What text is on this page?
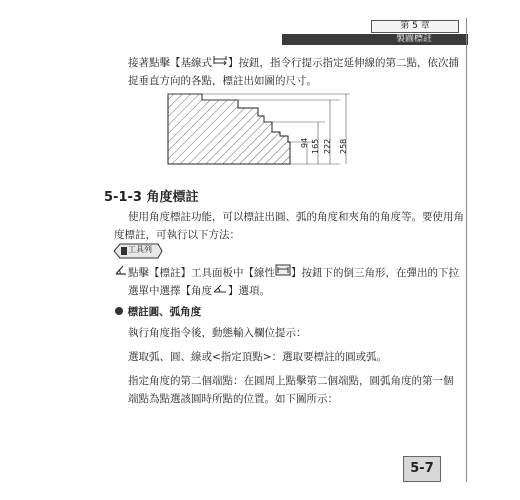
第 5 章
製圖標註
接著點擊【基線式 】按鈕，指令行提示指定延伸線的第二點，依次捕
捉垂直方向的各點，標註出如圖的尺寸。
94 165 222 258
5-1-3 角度標註
使用角度標註功能，可以標註出圓、弧的角度和夾角的角度等。要使用角
度標註，可執行以下方法：
工具列
點擊【標註】工具面板中【線性 】按鈕下的倒三角形，在彈出的下拉
選單中選擇【角度 】選項。
標註圓、弧角度
執行角度指令後，動態輸入欄位提示：
選取弧、圓、線或<指定頂點>：選取要標註的圓或弧。
指定角度的第二個端點：在圓周上點擊第二個端點，圓弧角度的第一個
端點為點選該圓時所點的位置。如下圖所示：
5-7
